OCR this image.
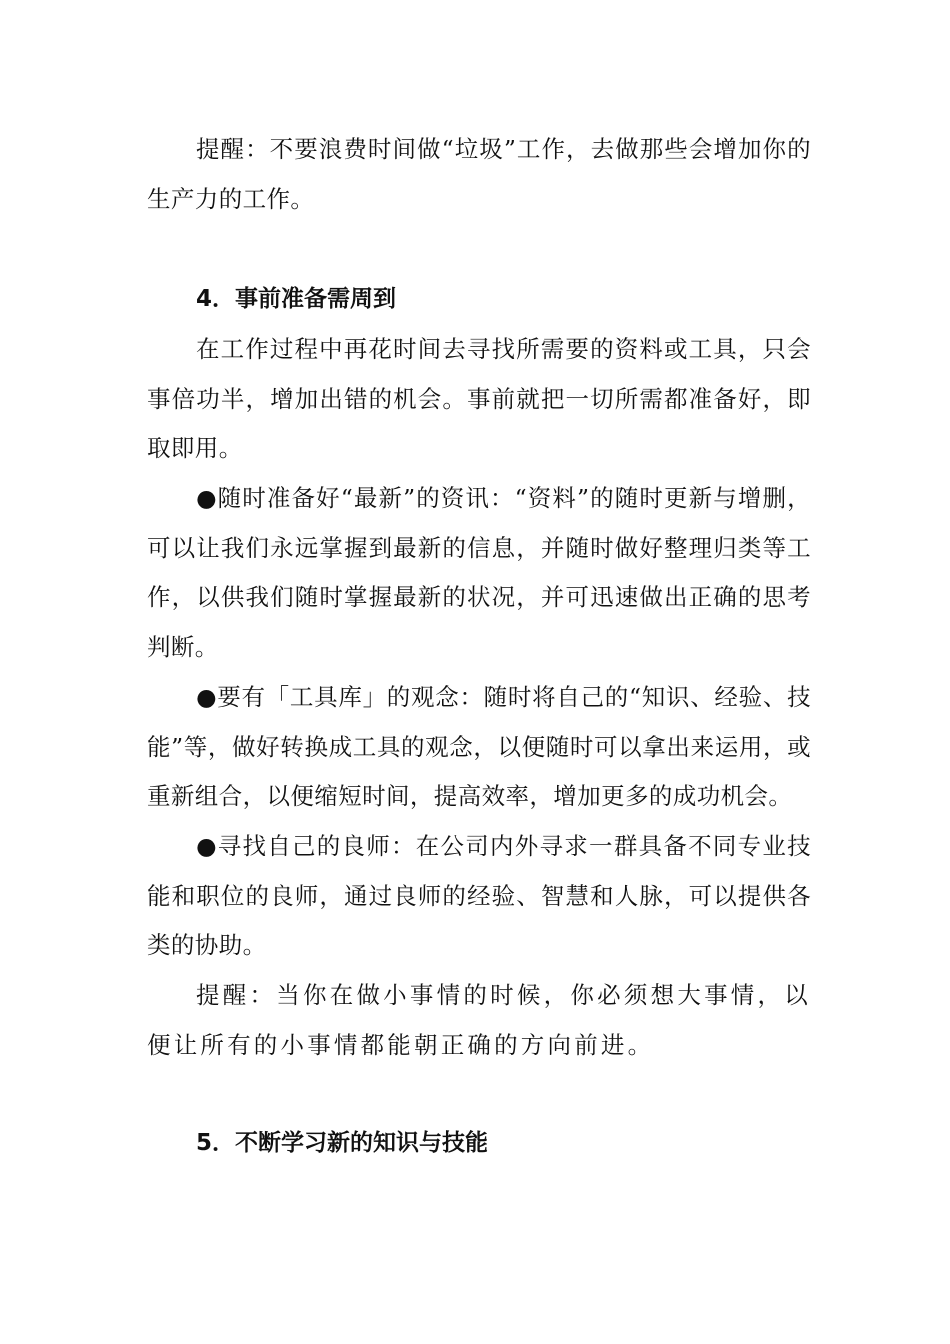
提醒：不要浪费时间做“垃圾”工作，去做那些会增加你的生产力的工作。

4．事前准备需周到

在工作过程中再花时间去寻找所需要的资料或工具，只会事倍功半，增加出错的机会。事前就把一切所需都准备好，即取即用。

●随时准备好“最新”的资讯：“资料”的随时更新与增删，可以让我们永远掌握到最新的信息，并随时做好整理归类等工作，以供我们随时掌握最新的状况，并可迅速做出正确的思考判断。

●要有「工具库」的观念：随时将自己的“知识、经验、技能”等，做好转换成工具的观念，以便随时可以拿出来运用，或重新组合，以便缩短时间，提高效率，增加更多的成功机会。

●寻找自己的良师：在公司内外寻求一群具备不同专业技能和职位的良师，通过良师的经验、智慧和人脉，可以提供各类的协助。

提醒：当你在做小事情的时候，你必须想大事情，以便让所有的小事情都能朝正确的方向前进。

5．不断学习新的知识与技能
